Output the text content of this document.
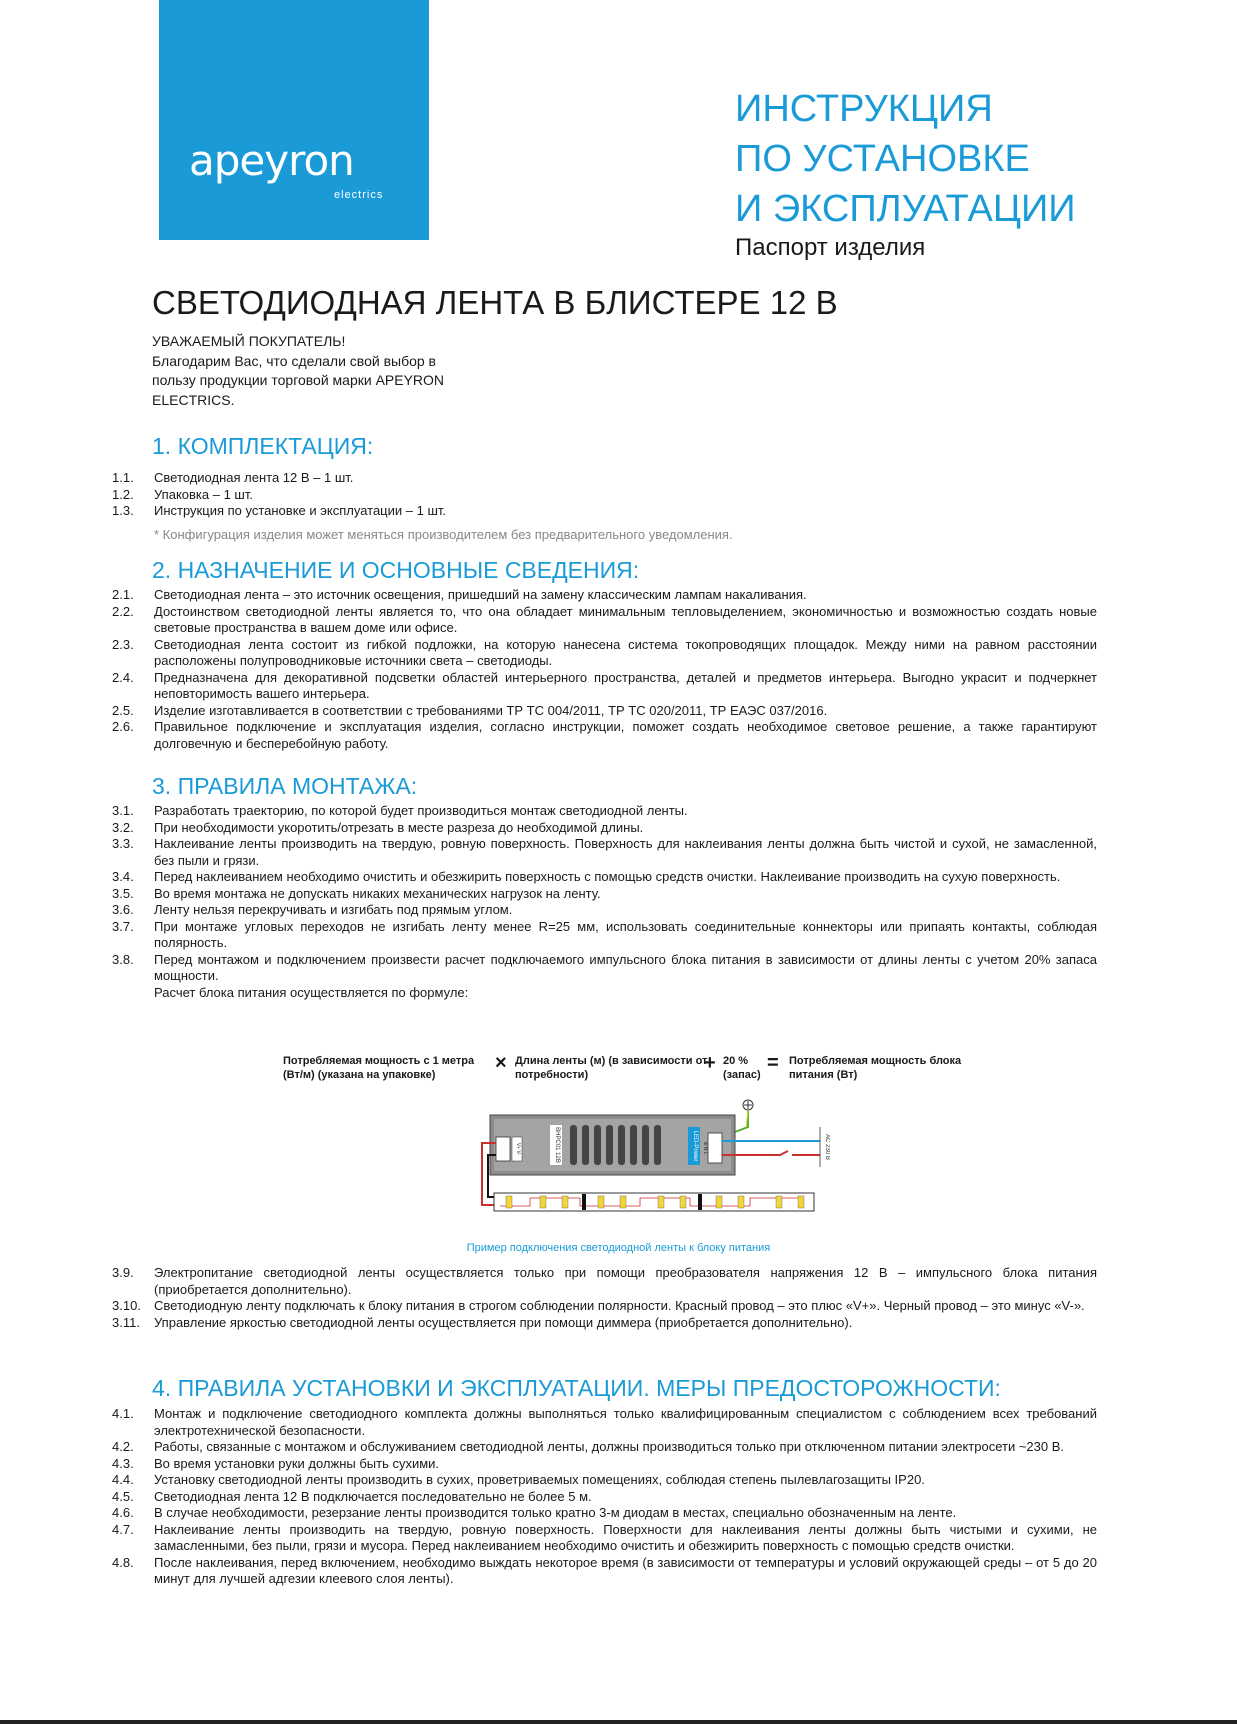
apeyron
electrics
ИНСТРУКЦИЯ
ПО УСТАНОВКЕ
И ЭКСПЛУАТАЦИИ
Паспорт изделия
СВЕТОДИОДНАЯ ЛЕНТА В БЛИСТЕРЕ 12 В
УВАЖАЕМЫЙ ПОКУПАТЕЛЬ!
Благодарим Вас, что сделали свой выбор в пользу продукции торговой марки APEYRON ELECTRICS.
1. КОМПЛЕКТАЦИЯ:
1.1. Светодиодная лента 12 В – 1 шт.
1.2. Упаковка – 1 шт.
1.3. Инструкция по установке и эксплуатации – 1 шт.
* Конфигурация изделия может меняться производителем без предварительного уведомления.
2. НАЗНАЧЕНИЕ И ОСНОВНЫЕ СВЕДЕНИЯ:
2.1. Светодиодная лента – это источник освещения, пришедший на замену классическим лампам накаливания.
2.2. Достоинством светодиодной ленты является то, что она обладает минимальным тепловыделением, экономичностью и возможностью создать новые световые пространства в вашем доме или офисе.
2.3. Светодиодная лента состоит из гибкой подложки, на которую нанесена система токопроводящих площадок. Между ними на равном расстоянии расположены полупроводниковые источники света – светодиоды.
2.4. Предназначена для декоративной подсветки областей интерьерного пространства, деталей и предметов интерьера. Выгодно украсит и подчеркнет неповторимость вашего интерьера.
2.5. Изделие изготавливается в соответствии с требованиями ТР ТС 004/2011, ТР ТС 020/2011, ТР ЕАЭС 037/2016.
2.6. Правильное подключение и эксплуатация изделия, согласно инструкции, поможет создать необходимое световое решение, а также гарантируют долговечную и бесперебойную работу.
3. ПРАВИЛА МОНТАЖА:
3.1. Разработать траекторию, по которой будет производиться монтаж светодиодной ленты.
3.2. При необходимости укоротить/отрезать в месте разреза до необходимой длины.
3.3. Наклеивание ленты производить на твердую, ровную поверхность. Поверхность для наклеивания ленты должна быть чистой и сухой, не замасленной, без пыли и грязи.
3.4. Перед наклеиванием необходимо очистить и обезжирить поверхность с помощью средств очистки. Наклеивание производить на сухую поверхность.
3.5. Во время монтажа не допускать никаких механических нагрузок на ленту.
3.6. Ленту нельзя перекручивать и изгибать под прямым углом.
3.7. При монтаже угловых переходов не изгибать ленту менее R=25 мм, использовать соединительные коннекторы или припаять контакты, соблюдая полярность.
3.8. Перед монтажом и подключением произвести расчет подключаемого импульсного блока питания в зависимости от длины ленты с учетом 20% запаса мощности.
Расчет блока питания осуществляется по формуле:
Потребляемая мощность с 1 метра (Вт/м) (указана на упаковке)
× Длина ленты (м) (в зависимости от потребности)
+ 20 % (запас)
= Потребляемая мощность блока питания (Вт)
BHPC01 12В	LED-Power
V+ V-	⊕ N L	AC 230 В
Пример подключения светодиодной ленты к блоку питания
3.9. Электропитание светодиодной ленты осуществляется только при помощи преобразователя напряжения 12 В – импульсного блока питания (приобретается дополнительно).
3.10. Светодиодную ленту подключать к блоку питания в строгом соблюдении полярности. Красный провод – это плюс «V+». Черный провод – это минус «V-».
3.11. Управление яркостью светодиодной ленты осуществляется при помощи диммера (приобретается дополнительно).
4. ПРАВИЛА УСТАНОВКИ И ЭКСПЛУАТАЦИИ. МЕРЫ ПРЕДОСТОРОЖНОСТИ:
4.1. Монтаж и подключение светодиодного комплекта должны выполняться только квалифицированным специалистом с соблюдением всех требований электротехнической безопасности.
4.2. Работы, связанные с монтажом и обслуживанием светодиодной ленты, должны производиться только при отключенном питании электросети ~230 В.
4.3. Во время установки руки должны быть сухими.
4.4. Установку светодиодной ленты производить в сухих, проветриваемых помещениях, соблюдая степень пылевлагозащиты IP20.
4.5. Светодиодная лента 12 В подключается последовательно не более 5 м.
4.6. В случае необходимости, резерзание ленты производится только кратно 3-м диодам в местах, специально обозначенным на ленте.
4.7. Наклеивание ленты производить на твердую, ровную поверхность. Поверхности для наклеивания ленты должны быть чистыми и сухими, не замасленными, без пыли, грязи и мусора. Перед наклеиванием необходимо очистить и обезжирить поверхность с помощью средств очистки.
4.8. После наклеивания, перед включением, необходимо выждать некоторое время (в зависимости от температуры и условий окружающей среды – от 5 до 20 минут для лучшей адгезии клеевого слоя ленты).
